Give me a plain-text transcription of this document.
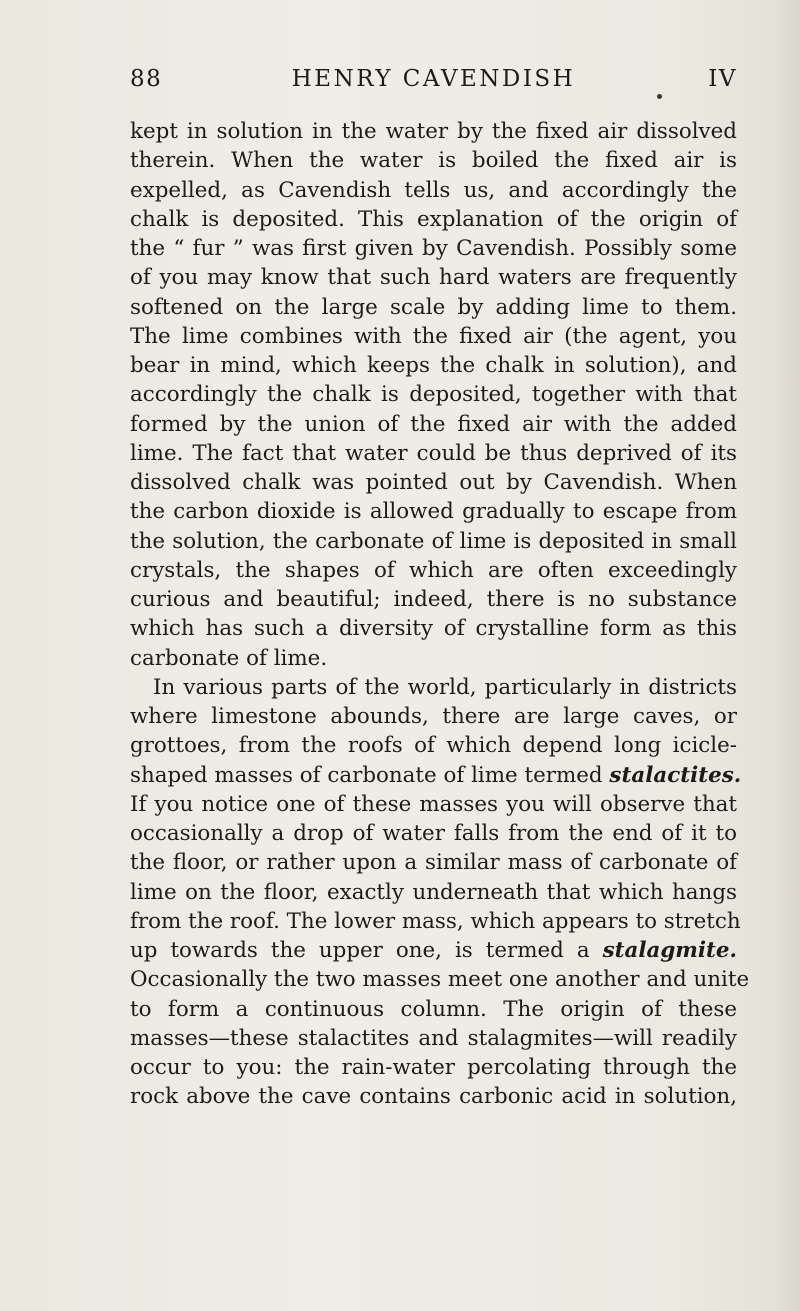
88	HENRY CAVENDISH	IV
kept in solution in the water by the fixed air dissolved
therein. When the water is boiled the fixed air is
expelled, as Cavendish tells us, and accordingly the
chalk is deposited. This explanation of the origin of
the “ fur ” was first given by Cavendish. Possibly some
of you may know that such hard waters are frequently
softened on the large scale by adding lime to them.
The lime combines with the fixed air (the agent, you
bear in mind, which keeps the chalk in solution), and
accordingly the chalk is deposited, together with that
formed by the union of the fixed air with the added
lime. The fact that water could be thus deprived of its
dissolved chalk was pointed out by Cavendish. When
the carbon dioxide is allowed gradually to escape from
the solution, the carbonate of lime is deposited in small
crystals, the shapes of which are often exceedingly
curious and beautiful; indeed, there is no substance
which has such a diversity of crystalline form as this
carbonate of lime.
In various parts of the world, particularly in districts
where limestone abounds, there are large caves, or
grottoes, from the roofs of which depend long icicle-
shaped masses of carbonate of lime termed stalactites.
If you notice one of these masses you will observe that
occasionally a drop of water falls from the end of it to
the floor, or rather upon a similar mass of carbonate of
lime on the floor, exactly underneath that which hangs
from the roof. The lower mass, which appears to stretch
up towards the upper one, is termed a stalagmite.
Occasionally the two masses meet one another and unite
to form a continuous column. The origin of these
masses—these stalactites and stalagmites—will readily
occur to you: the rain-water percolating through the
rock above the cave contains carbonic acid in solution,
